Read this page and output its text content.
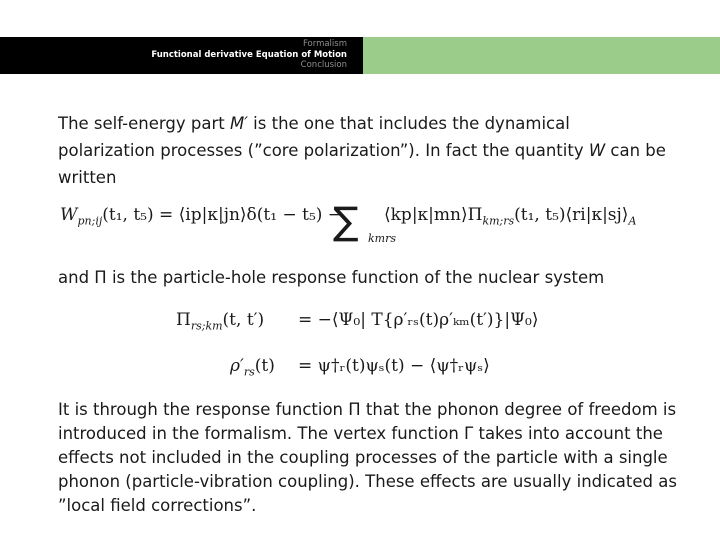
Formalism
Functional derivative Equation of Motion
Conclusion
The self-energy part M′ is the one that includes the dynamical polarization processes (”core polarization”). In fact the quantity W can be written
$W_{pn;ij}(t_1$, t₅) = ⟨ip|κ|jn⟩δ(t₁ − t₅) −
∑ kmrs
$⟨kp|\kappa|mn⟩\Pi_{km;rs}(t_1$, $t_5)⟨ri|\kappa|sj⟩_A$
and Π is the particle-hole response function of the nuclear system
$\Pi_{rs;km}(t$, t′) = −⟨Ψ₀| T{ρ′ᵣₛ(t)ρ′ₖₘ(t′)}|Ψ₀⟩
$\rho'_{rs}(t)$ = ψ†ᵣ(t)ψₛ(t) − ⟨ψ†ᵣψₛ⟩
It is through the response function Π that the phonon degree of freedom is introduced in the formalism. The vertex function Γ takes into account the effects not included in the coupling processes of the particle with a single phonon (particle-vibration coupling). These effects are usually indicated as ”local field corrections”.
